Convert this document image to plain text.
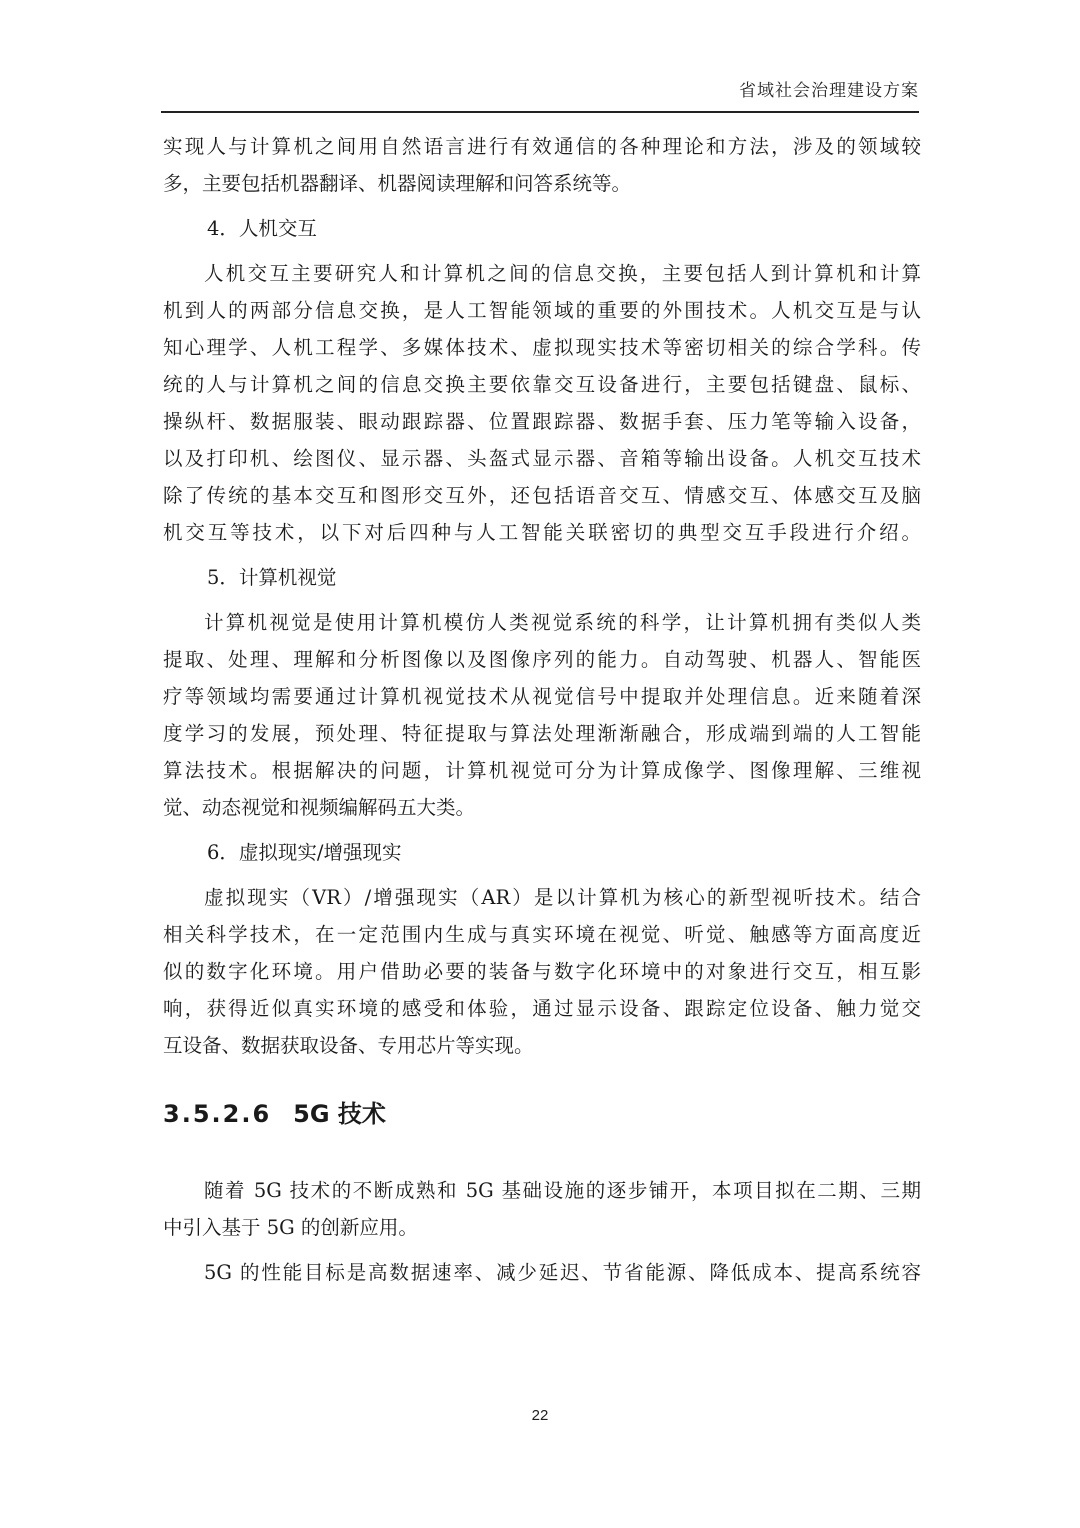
省域社会治理建设方案
实现人与计算机之间用自然语言进行有效通信的各种理论和方法，涉及的领域较
多，主要包括机器翻译、机器阅读理解和问答系统等。
4．人机交互
人机交互主要研究人和计算机之间的信息交换，主要包括人到计算机和计算
机到人的两部分信息交换，是人工智能领域的重要的外围技术。人机交互是与认
知心理学、人机工程学、多媒体技术、虚拟现实技术等密切相关的综合学科。传
统的人与计算机之间的信息交换主要依靠交互设备进行，主要包括键盘、鼠标、
操纵杆、数据服装、眼动跟踪器、位置跟踪器、数据手套、压力笔等输入设备，
以及打印机、绘图仪、显示器、头盔式显示器、音箱等输出设备。人机交互技术
除了传统的基本交互和图形交互外，还包括语音交互、情感交互、体感交互及脑
机交互等技术，以下对后四种与人工智能关联密切的典型交互手段进行介绍。
5．计算机视觉
计算机视觉是使用计算机模仿人类视觉系统的科学，让计算机拥有类似人类
提取、处理、理解和分析图像以及图像序列的能力。自动驾驶、机器人、智能医
疗等领域均需要通过计算机视觉技术从视觉信号中提取并处理信息。近来随着深
度学习的发展，预处理、特征提取与算法处理渐渐融合，形成端到端的人工智能
算法技术。根据解决的问题，计算机视觉可分为计算成像学、图像理解、三维视
觉、动态视觉和视频编解码五大类。
6．虚拟现实/增强现实
虚拟现实（VR）/增强现实（AR）是以计算机为核心的新型视听技术。结合
相关科学技术，在一定范围内生成与真实环境在视觉、听觉、触感等方面高度近
似的数字化环境。用户借助必要的装备与数字化环境中的对象进行交互，相互影
响，获得近似真实环境的感受和体验，通过显示设备、跟踪定位设备、触力觉交
互设备、数据获取设备、专用芯片等实现。
3.5.2.6 5G 技术
随着 5G 技术的不断成熟和 5G 基础设施的逐步铺开，本项目拟在二期、三期
中引入基于 5G 的创新应用。
5G 的性能目标是高数据速率、减少延迟、节省能源、降低成本、提高系统容
22
